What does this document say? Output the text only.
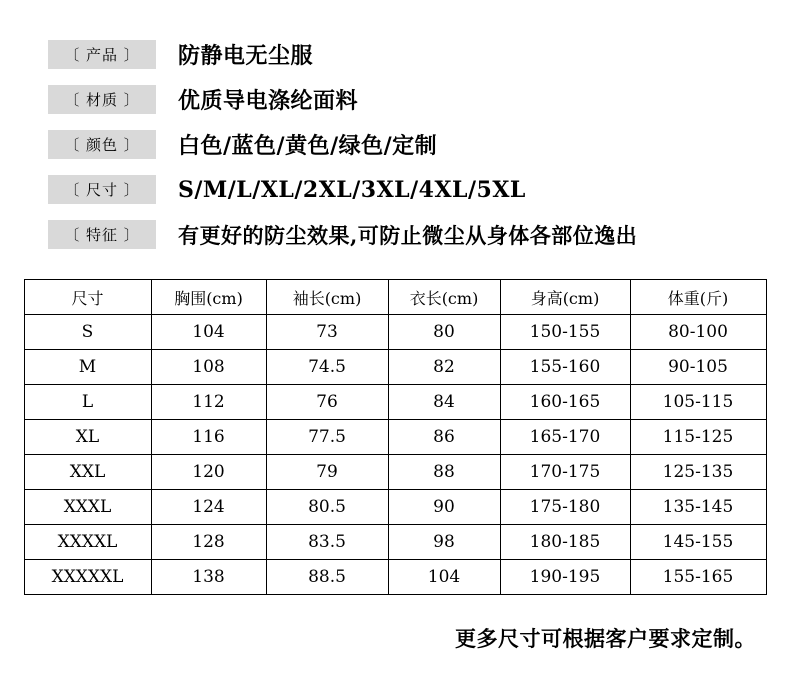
〔 产品 〕	防静电无尘服
〔 材质 〕	优质导电涤纶面料
〔 颜色 〕	白色/蓝色/黄色/绿色/定制
〔 尺寸 〕	S/M/L/XL/2XL/3XL/4XL/5XL
〔 特征 〕	有更好的防尘效果,可防止微尘从身体各部位逸出
尺寸	胸围(cm)	袖长(cm)	衣长(cm)	身高(cm)	体重(斤)
S	104	73	80	150-155	80-100
M	108	74.5	82	155-160	90-105
L	112	76	84	160-165	105-115
XL	116	77.5	86	165-170	115-125
XXL	120	79	88	170-175	125-135
XXXL	124	80.5	90	175-180	135-145
XXXXL	128	83.5	98	180-185	145-155
XXXXXL	138	88.5	104	190-195	155-165
更多尺寸可根据客户要求定制。
